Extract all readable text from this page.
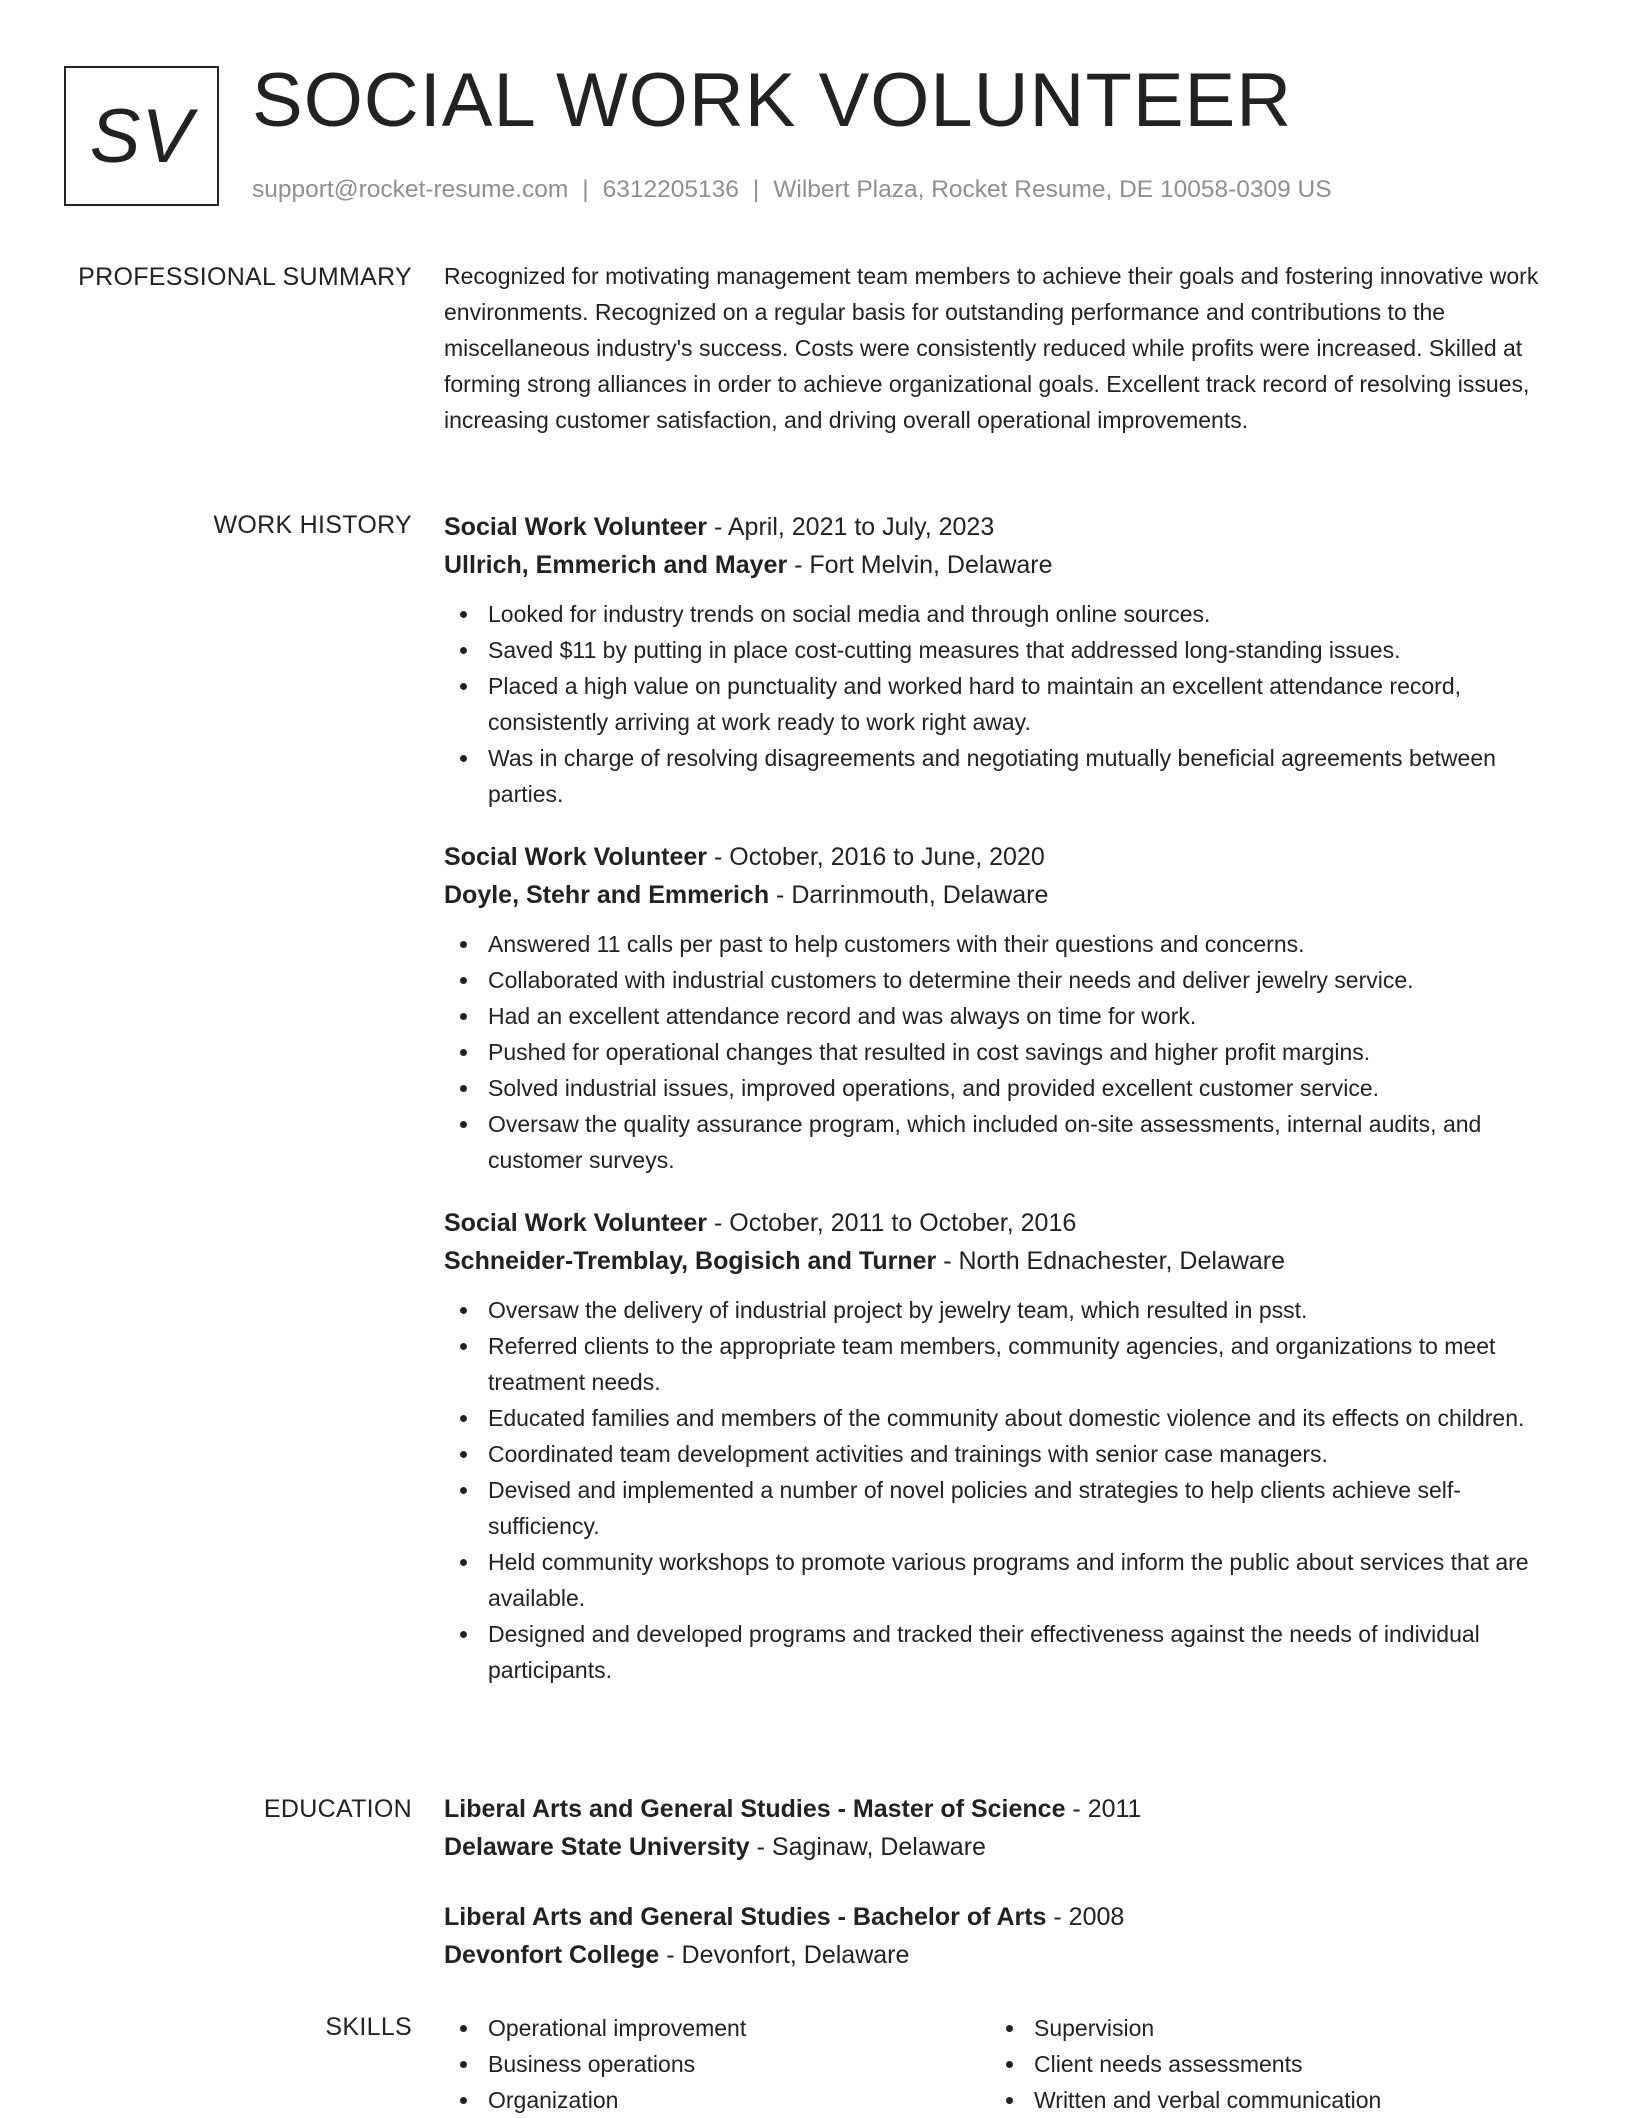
SV SOCIAL WORK VOLUNTEER
support@rocket-resume.com | 6312205136 | Wilbert Plaza, Rocket Resume, DE 10058-0309 US
PROFESSIONAL SUMMARY Recognized for motivating management team members to achieve their goals and fostering innovative work environments. Recognized on a regular basis for outstanding performance and contributions to the miscellaneous industry's success. Costs were consistently reduced while profits were increased. Skilled at forming strong alliances in order to achieve organizational goals. Excellent track record of resolving issues, increasing customer satisfaction, and driving overall operational improvements.

WORK HISTORY Social Work Volunteer - April, 2021 to July, 2023
Ullrich, Emmerich and Mayer - Fort Melvin, Delaware
Looked for industry trends on social media and through online sources.
Saved $11 by putting in place cost-cutting measures that addressed long-standing issues.
Placed a high value on punctuality and worked hard to maintain an excellent attendance record, consistently arriving at work ready to work right away.
Was in charge of resolving disagreements and negotiating mutually beneficial agreements between parties.
Social Work Volunteer - October, 2016 to June, 2020
Doyle, Stehr and Emmerich - Darrinmouth, Delaware
Answered 11 calls per past to help customers with their questions and concerns.
Collaborated with industrial customers to determine their needs and deliver jewelry service.
Had an excellent attendance record and was always on time for work.
Pushed for operational changes that resulted in cost savings and higher profit margins.
Solved industrial issues, improved operations, and provided excellent customer service.
Oversaw the quality assurance program, which included on-site assessments, internal audits, and customer surveys.
Social Work Volunteer - October, 2011 to October, 2016
Schneider-Tremblay, Bogisich and Turner - North Ednachester, Delaware
Oversaw the delivery of industrial project by jewelry team, which resulted in psst.
Referred clients to the appropriate team members, community agencies, and organizations to meet treatment needs.
Educated families and members of the community about domestic violence and its effects on children.
Coordinated team development activities and trainings with senior case managers.
Devised and implemented a number of novel policies and strategies to help clients achieve self-sufficiency.
Held community workshops to promote various programs and inform the public about services that are available.
Designed and developed programs and tracked their effectiveness against the needs of individual participants.
EDUCATION Liberal Arts and General Studies - Master of Science - 2011
Delaware State University - Saginaw, Delaware
Liberal Arts and General Studies - Bachelor of Arts - 2008
Devonfort College - Devonfort, Delaware
SKILLS	Operational improvement
Business operations
Organization
Supervision
Client needs assessments
Written and verbal communication
